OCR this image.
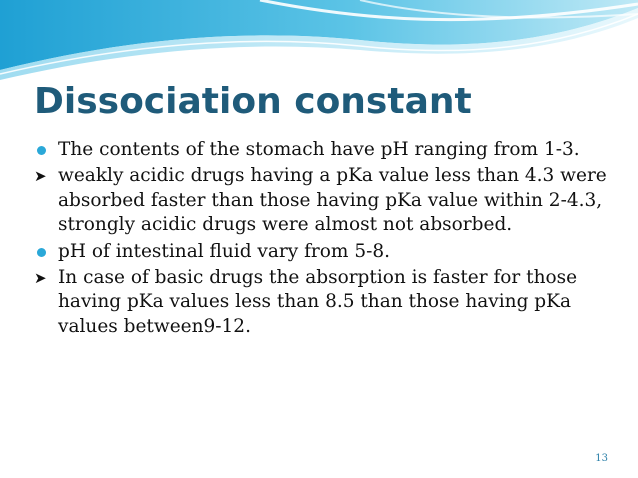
Dissociation constant
The contents of the stomach have pH ranging from 1-3.
➤ weakly acidic drugs having a pKa value less than 4.3 were absorbed faster than those having pKa value within 2-4.3, strongly acidic drugs were almost not absorbed.
pH of intestinal fluid vary from 5-8.
➤ In case of basic drugs the absorption is faster for those having pKa values less than 8.5 than those having pKa values between9-12.
13
